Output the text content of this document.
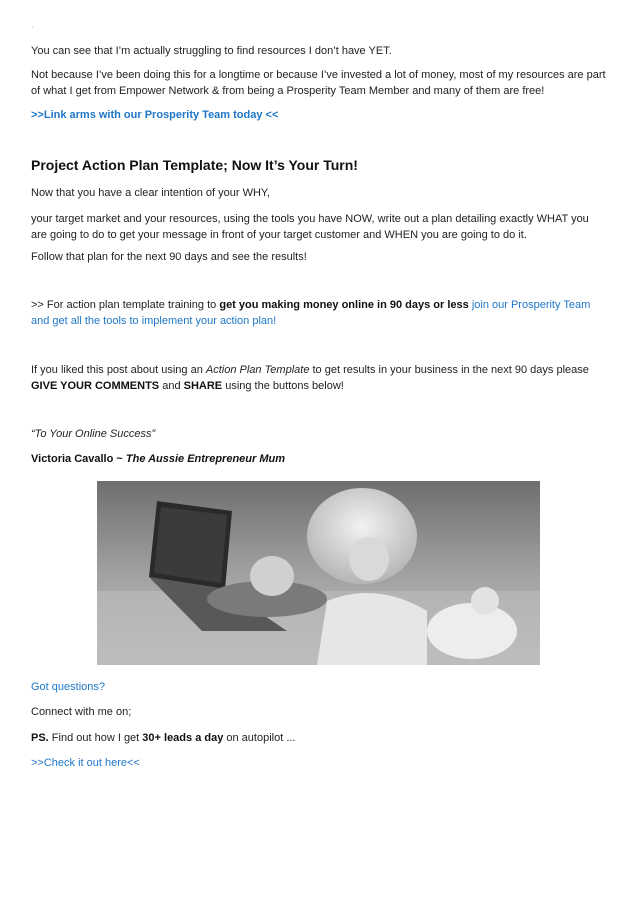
,

You can see that I’m actually struggling to find resources I don’t have YET.

Not because I’ve been doing this for a longtime or because I’ve invested a lot of money, most of my resources are part of what I get from Empower Network & from being a Prosperity Team Member and many of them are free!

>>Link arms with our Prosperity Team today <<
Project Action Plan Template; Now It’s Your Turn!

Now that you have a clear intention of your WHY,

your target market and your resources, using the tools you have NOW, write out a plan detailing exactly WHAT you are going to do to get your message in front of your target customer and WHEN you are going to do it.

Follow that plan for the next 90 days and see the results!

>> For action plan template training to get you making money online in 90 days or less join our Prosperity Team and get all the tools to implement your action plan!

If you liked this post about using an Action Plan Template to get results in your business in the next 90 days please GIVE YOUR COMMENTS and SHARE using the buttons below!

“To Your Online Success”

Victoria Cavallo ~ The Aussie Entrepreneur Mum

Got questions?

Connect with me on;

PS. Find out how I get 30+ leads a day on autopilot ...

>>Check it out here<<
